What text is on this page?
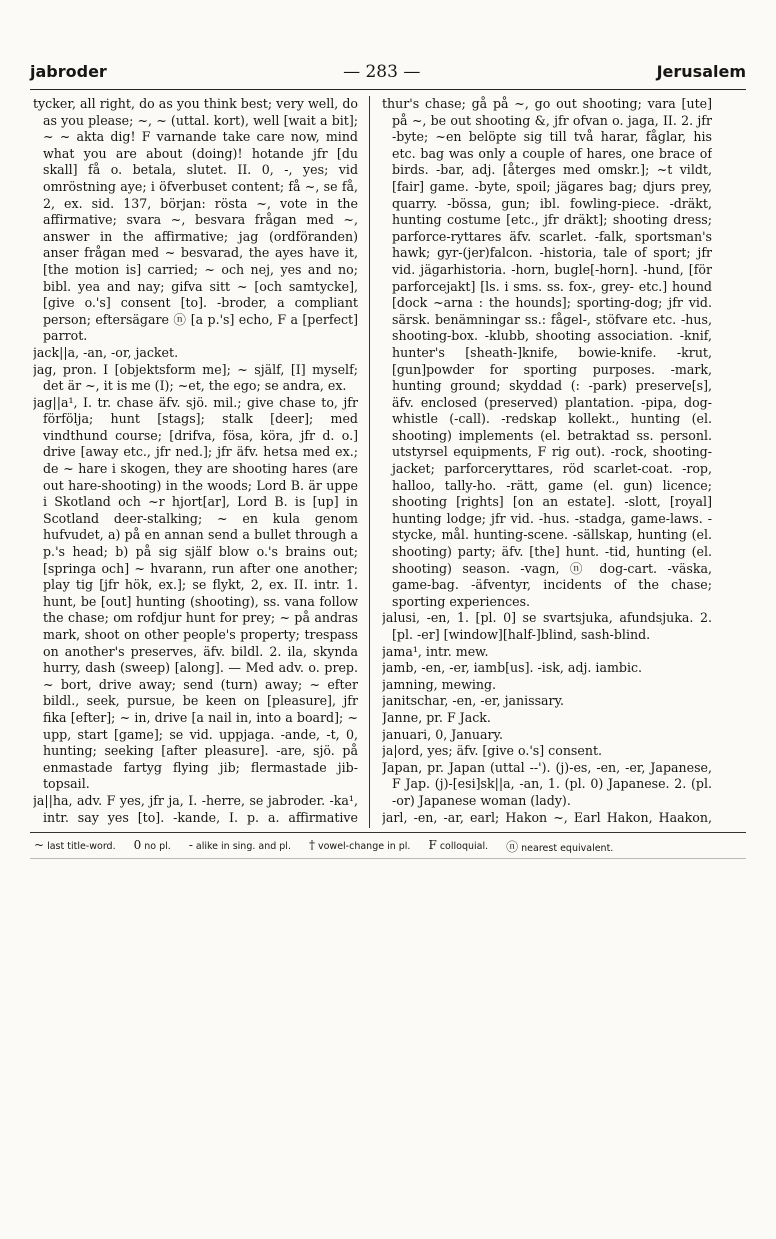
jabroder	— 283 —	Jerusalem

tycker, all right, do as you think best; very well, do as you please; ~, ~ (uttal. kort), well [wait a bit]; ~ ~ akta dig! F varnande take care now, mind what you are about (doing)! hotande jfr [du skall] få o. betala, slutet. II. 0, -, yes; vid omröstning aye; i öfverbuset content; få ~, se få, 2, ex. sid. 137, början: rösta ~, vote in the affirmative; svara ~, besvara frågan med ~, answer in the affirmative; jag (ordföranden) anser frågan med ~ besvarad, the ayes have it, [the motion is] carried; ~ och nej, yes and no; bibl. yea and nay; gifva sitt ~ [och samtycke], [give o.'s] consent [to]. -broder, a compliant person; eftersägare ⓝ [a p.'s] echo, F a [perfect] parrot.

jack||a, -an, -or, jacket.

jag, pron. I [objektsform me]; ~ själf, [I] myself; det är ~, it is me (I); ~et, the ego; se andra, ex.

jag||a¹, I. tr. chase äfv. sjö. mil.; give chase to, jfr förfölja; hunt [stags]; stalk [deer]; med vindthund course; [drifva, fösa, köra, jfr d. o.] drive [away etc., jfr ned.]; jfr äfv. hetsa med ex.; de ~ hare i skogen, they are shooting hares (are out hare-shooting) in the woods; Lord B. är uppe i Skotland och ~r hjort[ar], Lord B. is [up] in Scotland deer-stalking; ~ en kula genom hufvudet, a) på en annan send a bullet through a p.'s head; b) på sig själf blow o.'s brains out; [springa och] ~ hvarann, run after one another; play tig [jfr hök, ex.]; se flykt, 2, ex. II. intr. 1. hunt, be [out] hunting (shooting), ss. vana follow the chase; om rofdjur hunt for prey; ~ på andras mark, shoot on other people's property; trespass on another's preserves, äfv. bildl. 2. ila, skynda hurry, dash (sweep) [along]. — Med adv. o. prep. ~ bort, drive away; send (turn) away; ~ efter bildl., seek, pursue, be keen on [pleasure], jfr fika [efter]; ~ in, drive [a nail in, into a board]; ~ upp, start [game]; se vid. uppjaga. -ande, -t, 0, hunting; seeking [after pleasure]. -are, sjö. på enmastade fartyg flying jib; flermastade jib-topsail.

ja||ha, adv. F yes, jfr ja, I. -herre, se jabroder. -ka¹, intr. say yes [to]. -kande, I. p. a. affirmative

thur's chase; gå på ~, go out shooting; vara [ute] på ~, be out shooting &, jfr ofvan o. jaga, II. 2. jfr -byte; ~en belöpte sig till två harar, fåglar, his etc. bag was only a couple of hares, one brace of birds. -bar, adj. [återges med omskr.]; ~t vildt, [fair] game. -byte, spoil; jägares bag; djurs prey, quarry. -bössa, gun; ibl. fowling-piece. -dräkt, hunting costume [etc., jfr dräkt]; shooting dress; parforce-ryttares äfv. scarlet. -falk, sportsman's hawk; gyr-(jer)falcon. -historia, tale of sport; jfr vid. jägarhistoria. -horn, bugle[-horn]. -hund, [för parforcejakt] [ls. i sms. ss. fox-, grey- etc.] hound [dock ~arna : the hounds]; sporting-dog; jfr vid. särsk. benämningar ss.: fågel-, stöfvare etc. -hus, shooting-box. -klubb, shooting association. -knif, hunter's [sheath-]knife, bowie-knife. -krut, [gun]powder for sporting purposes. -mark, hunting ground; skyddad (: -park) preserve[s], äfv. enclosed (preserved) plantation. -pipa, dog-whistle (-call). -redskap kollekt., hunting (el. shooting) implements (el. betraktad ss. personl. utstyrsel equipments, F rig out). -rock, shooting-jacket; parforceryttares, röd scarlet-coat. -rop, halloo, tally-ho. -rätt, game (el. gun) licence; shooting [rights] [on an estate]. -slott, [royal] hunting lodge; jfr vid. -hus. -stadga, game-laws. -stycke, mål. hunting-scene. -sällskap, hunting (el. shooting) party; äfv. [the] hunt. -tid, hunting (el. shooting) season. -vagn, ⓝ dog-cart. -väska, game-bag. -äfventyr, incidents of the chase; sporting experiences.

jalusi, -en, 1. [pl. 0] se svartsjuka, afundsjuka. 2. [pl. -er] [window][half-]blind, sash-blind.

jama¹, intr. mew.

jamb, -en, -er, iamb[us]. -isk, adj. iambic.

jamning, mewing.

janitschar, -en, -er, janissary.

Janne, pr. F Jack.

januari, 0, January.

ja|ord, yes; äfv. [give o.'s] consent.

Japan, pr. Japan (uttal --'). (j)-es, -en, -er, Japanese, F Jap. (j)-[esi]sk||a, -an, 1. (pl. 0) Japanese. 2. (pl. -or) Japanese woman (lady).

jarl, -en, -ar, earl; Hakon ~, Earl Hakon, Haakon,

~ last title-word. 0 no pl. - alike in sing. and pl. † vowel-change in pl. F colloquial. ⓝ nearest equivalent.
